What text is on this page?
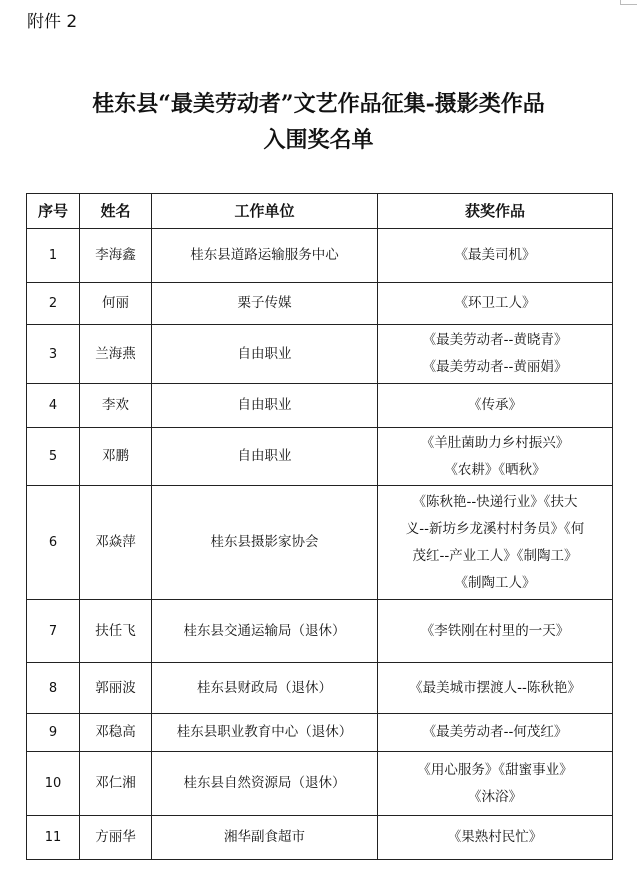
附件 2
桂东县“最美劳动者”文艺作品征集-摄影类作品
入围奖名单
序号	姓名	工作单位	获奖作品
1	李海鑫	桂东县道路运输服务中心	《最美司机》

2	何丽	栗子传媒	《环卫工人》

3	兰海燕	自由职业	《最美劳动者--黄晓青》
《最美劳动者--黄丽娟》

4	李欢	自由职业	《传承》

5	邓鹏	自由职业	《羊肚菌助力乡村振兴》
《农耕》《晒秋》

6	邓焱萍	桂东县摄影家协会	《陈秋艳--快递行业》《扶大
义--新坊乡龙溪村村务员》《何
茂红--产业工人》《制陶工》
《制陶工人》

7	扶任飞	桂东县交通运输局（退休）	《李铁刚在村里的一天》

8	郭丽波	桂东县财政局（退休）	《最美城市摆渡人--陈秋艳》

9	邓稳高	桂东县职业教育中心（退休）	《最美劳动者--何茂红》

10	邓仁湘	桂东县自然资源局（退休）	《用心服务》《甜蜜事业》
《沐浴》

11	方丽华	湘华副食超市	《果熟村民忙》
